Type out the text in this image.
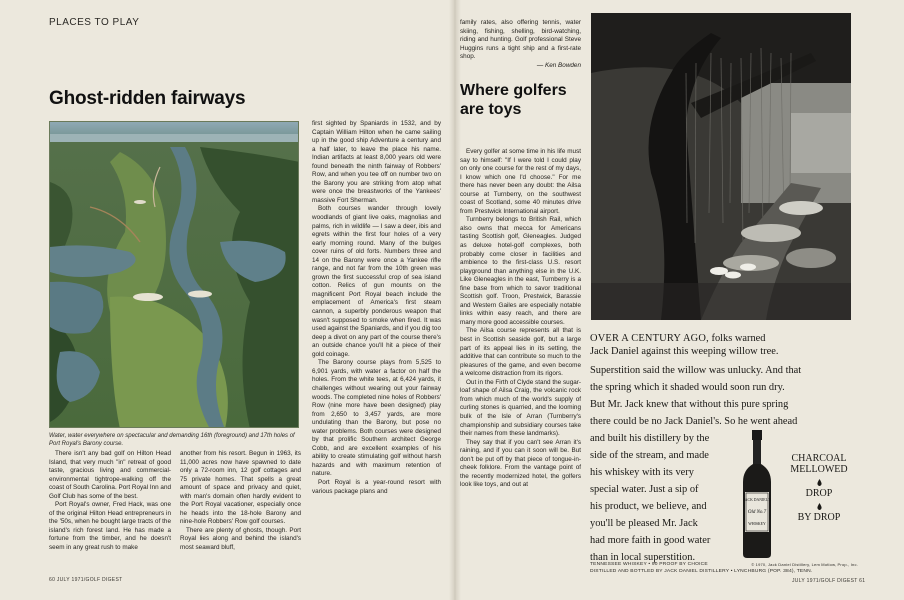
PLACES TO PLAY
Ghost-ridden fairways
Water, water everywhere on spectacular and demanding 16th (foreground) and 17th holes of Port Royal's Barony course.

There isn't any bad golf on Hilton Head Island, that very much "in" retreat of good taste, gracious living and commercial-environmental tightrope-walking off the coast of South Carolina. Port Royal Inn and Golf Club has some of the best.

Port Royal's owner, Fred Hack, was one of the original Hilton Head entrepreneurs in the '50s, when he bought large tracts of the island's rich forest land. He has made a fortune from the timber, and he doesn't seem in any great rush to make

another from his resort. Begun in 1963, its 11,000 acres now have spawned to date only a 72-room inn, 12 golf cottages and 75 private homes. That spells a great amount of space and privacy and quiet, with man's domain often hardly evident to the Port Royal vacationer, especially once he heads into the 18-hole Barony and nine-hole Robbers' Row golf courses.

There are plenty of ghosts, though. Port Royal lies along and behind the island's most seaward bluff,

first sighted by Spaniards in 1532, and by Captain William Hilton when he came sailing up in the good ship Adventure a century and a half later, to leave the place his name. Indian artifacts at least 8,000 years old were found beneath the ninth fairway of Robbers' Row, and when you tee off on number two on the Barony you are striking from atop what were once the breastworks of the Yankees' massive Fort Sherman.

Both courses wander through lovely woodlands of giant live oaks, magnolias and palms, rich in wildlife — I saw a deer, ibis and egrets within the first four holes of a very early morning round. Many of the bulges cover ruins of old forts. Numbers three and 14 on the Barony were once a Yankee rifle range, and not far from the 10th green was grown the first successful crop of sea island cotton. Relics of gun mounts on the magnificent Port Royal beach include the emplacement of America's first steam cannon, a superbly ponderous weapon that wasn't supposed to smoke when fired. It was used against the Spaniards, and if you dig too deep a divot on any part of the course there's an outside chance you'll hit a piece of their gold coinage.

The Barony course plays from 5,525 to 6,901 yards, with water a factor on half the holes. From the white tees, at 6,424 yards, it challenges without wearing out your fairway woods. The completed nine holes of Robbers' Row (nine more have been designed) play from 2,650 to 3,457 yards, are more undulating than the Barony, but pose no water problems. Both courses were designed by that prolific Southern architect George Cobb, and are excellent examples of his ability to create stimulating golf without harsh hazards and with maximum retention of nature.

Port Royal is a year-round resort with various package plans and

family rates, also offering tennis, water skiing, fishing, shelling, bird-watching, riding and hunting. Golf professional Steve Huggins runs a tight ship and a first-rate shop.

— Ken Bowden

Where golfers are toys

Every golfer at some time in his life must say to himself: "If I were told I could play on only one course for the rest of my days, I know which one I'd choose." For me there has never been any doubt: the Ailsa course at Turnberry, on the southwest coast of Scotland, some 40 minutes drive from Prestwick International airport.

Turnberry belongs to British Rail, which also owns that mecca for Americans tasting Scottish golf, Gleneagles. Judged as deluxe hotel-golf complexes, both probably come closer in facilities and ambience to the first-class U.S. resort playground than anything else in the U.K. Like Gleneagles in the east, Turnberry is a fine base from which to savor traditional Scottish golf. Troon, Prestwick, Barassie and Western Gailes are especially notable links within easy reach, and there are many more good accessible courses.

The Ailsa course represents all that is best in Scottish seaside golf, but a large part of its appeal lies in its setting, the additive that can contribute so much to the pleasures of the game, and even become a welcome distraction from its rigors.

Out in the Firth of Clyde stand the sugar-loaf shape of Ailsa Craig, the volcanic rock from which much of the world's supply of curling stones is quarried, and the looming bulk of the Isle of Arran (Turnberry's championship and subsidiary courses take their names from these landmarks).

They say that if you can't see Arran it's raining, and if you can it soon will be. But don't be put off by that piece of tongue-in-cheek folklore. From the vantage point of the recently modernized hotel, the golfers look like toys, and out at

60 JULY 1971/GOLF DIGEST
OVER A CENTURY AGO, folks warned
Jack Daniel against this weeping willow tree.
Superstition said the willow was unlucky. And that
the spring which it shaded would soon run dry.
But Mr. Jack knew that without this pure spring
there could be no Jack Daniel's. So he went ahead
and built his distillery by the
side of the stream, and made
his whiskey with its very
special water. Just a sip of
his product, we believe, and
you'll be pleased Mr. Jack
had more faith in good water
than in local superstition.
JACK DANIEL'S
Old No.7
WHISKEY
CHARCOAL
MELLOWED
DROP
BY DROP
TENNESSEE WHISKEY • 90 PROOF BY CHOICE	© 1970, Jack Daniel Distillery, Lem Motlow, Prop., Inc.
DISTILLED AND BOTTLED BY JACK DANIEL DISTILLERY • LYNCHBURG (POP. 384), TENN.
JULY 1971/GOLF DIGEST 61
